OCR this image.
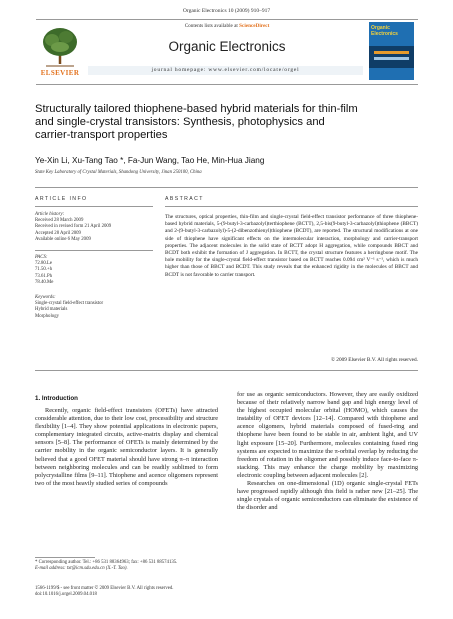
Organic Electronics 10 (2009) 910–917
ELSEVIER
Contents lists available at ScienceDirect
Organic Electronics
journal homepage: www.elsevier.com/locate/orgel
Organic Electronics
Structurally tailored thiophene-based hybrid materials for thin-film
and single-crystal transistors: Synthesis, photophysics and
carrier-transport properties
Ye-Xin Li, Xu-Tang Tao *, Fa-Jun Wang, Tao He, Min-Hua Jiang
State Key Laboratory of Crystal Materials, Shandong University, Jinan 250100, China
ARTICLE INFO	ABSTRACT
Article history:
Received 28 March 2009
Received in revised form 21 April 2009
Accepted 28 April 2009
Available online 6 May 2009
PACS:
72.80.Le
71.50.+h
73.61.Ph
78.40.Me
Keywords:
Single-crystal field-effect transistor
Hybrid materials
Morphology
The structures, optical properties, thin-film and single-crystal field-effect transistor performance of three thiophene-based hybrid materials, 5-(9-butyl-3-carbazolyl)terthiophene (BCTT), 2,5-bis(9-butyl-3-carbazolyl)thiophene (BBCT) and 2-(9-butyl-3-carbazolyl)-5-(2-dibenzothienyl)thiophene (BCDT), are reported. The structural modifications at one side of thiophene have significant effects on the intermolecular interaction, morphology and carrier-transport properties. The adjacent molecules in the solid state of BCTT adopt H aggregation, while compounds BBCT and BCDT both exhibit the formation of J aggregation. In BCTT, the crystal structure features a herringbone motif. The hole mobility for the single-crystal field-effect transistor based on BCTT reaches 0.094 cm² V⁻¹ s⁻¹, which is much higher than those of BBCT and BCDT. This study reveals that the enhanced rigidity in the molecules of BBCT and BCDT is not favorable to carrier transport.
© 2009 Elsevier B.V. All rights reserved.
1. Introduction
Recently, organic field-effect transistors (OFETs) have attracted considerable attention, due to their low cost, processibility and structure flexibility [1–4]. They show potential applications in electronic papers, complementary integrated circuits, active-matrix display and chemical sensors [5–8]. The performance of OFETs is mainly determined by the carrier mobility in the organic semiconductor layers. It is generally believed that a good OFET material should have strong π–π interaction between neighboring molecules and can be readily sublimed to form polycrystalline films [9–11]. Thiophene and acence oligomers represent two of the most heavily studied series of compounds

for use as organic semiconductors. However, they are easily oxidized because of their relatively narrow band gap and high energy level of the highest occupied molecular orbital (HOMO), which causes the instability of OFET devices [12–14]. Compared with thiophene and acence oligomers, hybrid materials composed of fused-ring and thiophene have been found to be stable in air, ambient light, and UV light exposure [15–20]. Furthermore, molecules containing fused ring systems are expected to maximize the π-orbital overlap by reducing the freedom of rotation in the oligomer and possibly induce face-to-face π-stacking. This may enhance the charge mobility by maximizing electronic coupling between adjacent molecules [2].

Researches on one-dimensional (1D) organic single-crystal FETs have progressed rapidly although this field is rather new [21–25]. The single crystals of organic semiconductors can eliminate the existence of the disorder and

* Corresponding author. Tel.: +86 531 88364963; fax: +86 531 88574135.
E-mail address: txt@icm.sdu.edu.cn (X.-T. Tao).
1566-1199/$ - see front matter © 2009 Elsevier B.V. All rights reserved.
doi:10.1016/j.orgel.2009.04.018
